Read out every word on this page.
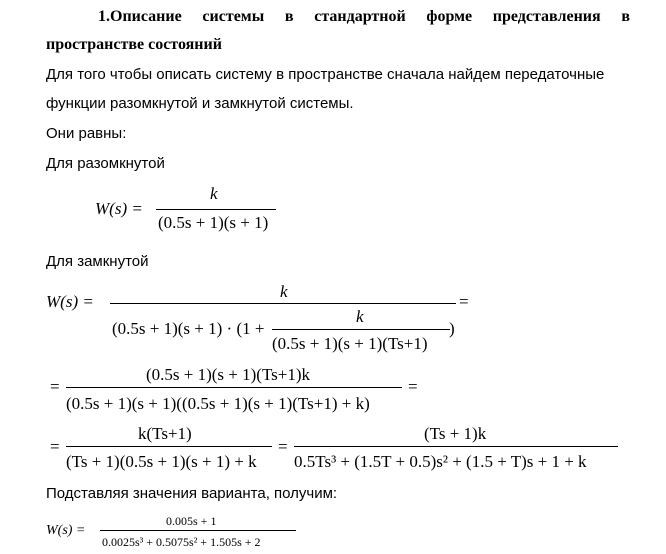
1.Описание системы в стандартной форме представления в
пространстве состояний
Для того чтобы описать систему в пространстве сначала найдем передаточные
функции разомкнутой и замкнутой системы.
Они равны:
Для разомкнутой
W(s) =
k
(0.5s + 1)(s + 1)
Для замкнутой
W(s) =
k
(0.5s + 1)(s + 1) · (1 +
k
(0.5s + 1)(s + 1)(Ts+1)
)
=
=
(0.5s + 1)(s + 1)(Ts+1)k
(0.5s + 1)(s + 1)((0.5s + 1)(s + 1)(Ts+1) + k)
=
=
k(Ts+1)
(Ts + 1)(0.5s + 1)(s + 1) + k
=
(Ts + 1)k
0.5Ts³ + (1.5T + 0.5)s² + (1.5 + T)s + 1 + k
Подставляя значения варианта, получим:
W(s) =
0.005s + 1
0.0025s³ + 0.5075s² + 1.505s + 2
